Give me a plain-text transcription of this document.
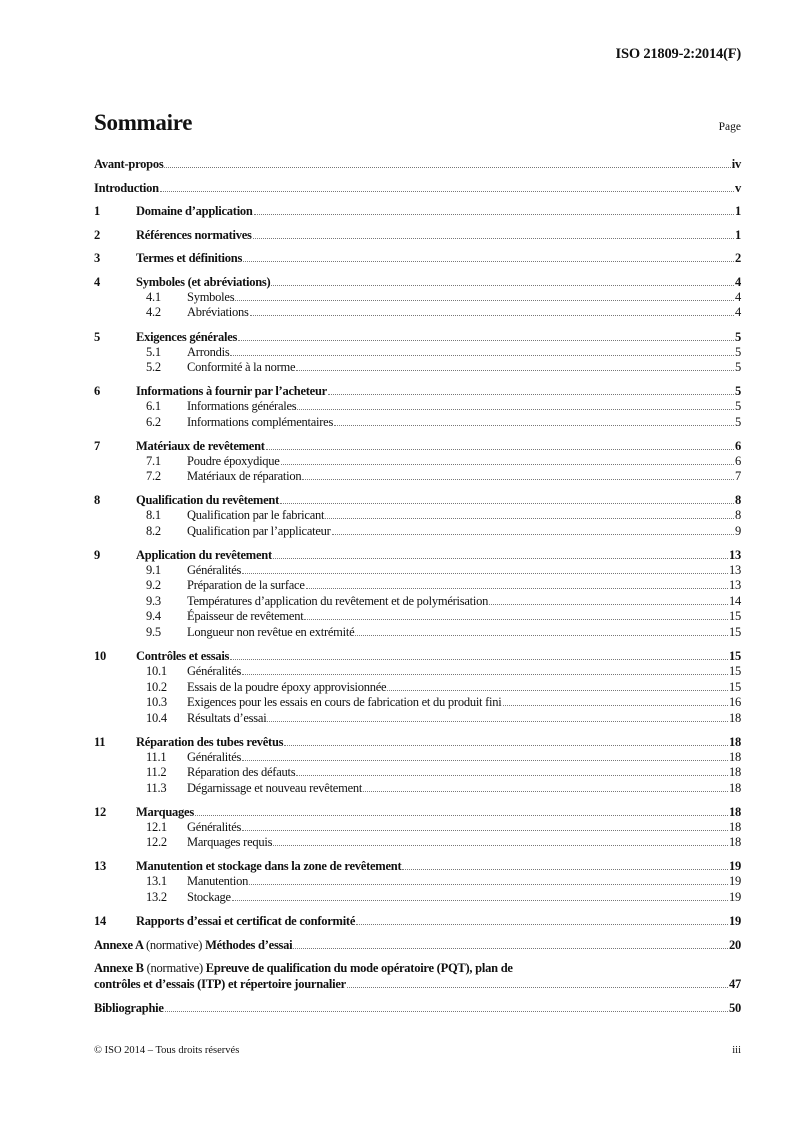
ISO 21809-2:2014(F)
Sommaire	Page
Avant-propos	iv
Introduction	v
1	Domaine d’application	1
2	Références normatives	1
3	Termes et définitions	2
4	Symboles (et abréviations)	4
4.1	Symboles	4
4.2	Abréviations	4
5	Exigences générales	5
5.1	Arrondis	5
5.2	Conformité à la norme	5
6	Informations à fournir par l’acheteur	5
6.1	Informations générales	5
6.2	Informations complémentaires	5
7	Matériaux de revêtement	6
7.1	Poudre époxydique	6
7.2	Matériaux de réparation	7
8	Qualification du revêtement	8
8.1	Qualification par le fabricant	8
8.2	Qualification par l’applicateur	9
9	Application du revêtement	13
9.1	Généralités	13
9.2	Préparation de la surface	13
9.3	Températures d’application du revêtement et de polymérisation	14
9.4	Épaisseur de revêtement	15
9.5	Longueur non revêtue en extrémité	15
10	Contrôles et essais	15
10.1	Généralités	15
10.2	Essais de la poudre époxy approvisionnée	15
10.3	Exigences pour les essais en cours de fabrication et du produit fini	16
10.4	Résultats d’essai	18
11	Réparation des tubes revêtus	18
11.1	Généralités	18
11.2	Réparation des défauts	18
11.3	Dégarnissage et nouveau revêtement	18
12	Marquages	18
12.1	Généralités	18
12.2	Marquages requis	18
13	Manutention et stockage dans la zone de revêtement	19
13.1	Manutention	19
13.2	Stockage	19
14	Rapports d’essai et certificat de conformité	19
Annexe A (normative) Méthodes d’essai	20
Annexe B (normative) Epreuve de qualification du mode opératoire (PQT), plan de
contrôles et d’essais (ITP) et répertoire journalier	47
Bibliographie	50
© ISO 2014 – Tous droits réservés	iii
